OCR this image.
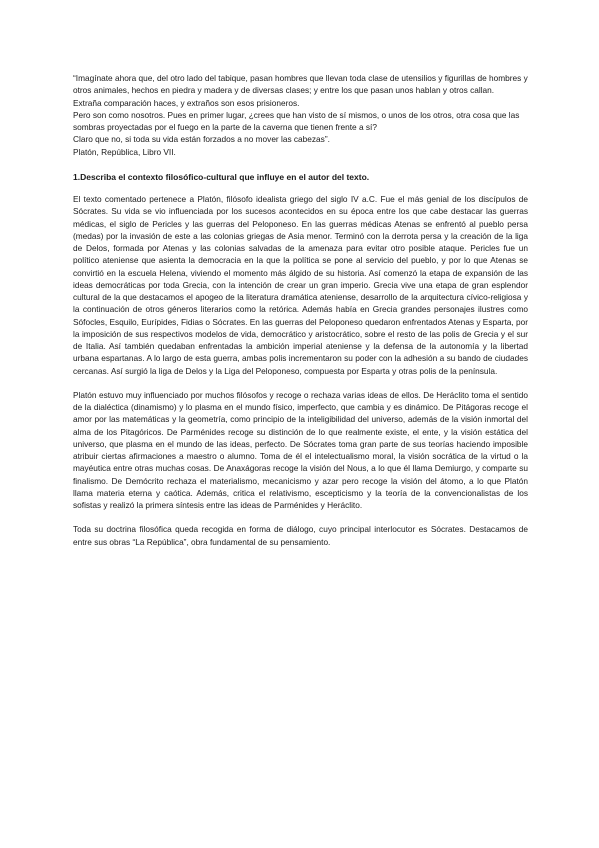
“Imagínate ahora que, del otro lado del tabique, pasan hombres que llevan toda clase de utensilios y figurillas de hombres y otros animales, hechos en piedra y madera y de diversas clases; y entre los que pasan unos hablan y otros callan.

Extraña comparación haces, y extraños son esos prisioneros.

Pero son como nosotros. Pues en primer lugar, ¿crees que han visto de sí mismos, o unos de los otros, otra cosa que las sombras proyectadas por el fuego en la parte de la caverna que tienen frente a sí?

Claro que no, si toda su vida están forzados a no mover las cabezas”.

Platón, República, Libro VII.

1.Describa el contexto filosófico-cultural que influye en el autor del texto.

El texto comentado pertenece a Platón, filósofo idealista griego del siglo IV a.C. Fue el más genial de los discípulos de Sócrates. Su vida se vio influenciada por los sucesos acontecidos en su época entre los que cabe destacar las guerras médicas, el siglo de Pericles y las guerras del Peloponeso. En las guerras médicas Atenas se enfrentó al pueblo persa (medas) por la invasión de este a las colonias griegas de Asia menor. Terminó con la derrota persa y la creación de la liga de Delos, formada por Atenas y las colonias salvadas de la amenaza para evitar otro posible ataque. Pericles fue un político ateniense que asienta la democracia en la que la política se pone al servicio del pueblo, y por lo que Atenas se convirtió en la escuela Helena, viviendo el momento más álgido de su historia. Así comenzó la etapa de expansión de las ideas democráticas por toda Grecia, con la intención de crear un gran imperio. Grecia vive una etapa de gran esplendor cultural de la que destacamos el apogeo de la literatura dramática ateniense, desarrollo de la arquitectura cívico-religiosa y la continuación de otros géneros literarios como la retórica. Además había en Grecia grandes personajes ilustres como Sófocles, Esquilo, Eurípides, Fidias o Sócrates. En las guerras del Peloponeso quedaron enfrentados Atenas y Esparta, por la imposición de sus respectivos modelos de vida, democrático y aristocrático, sobre el resto de las polis de Grecia y el sur de Italia. Así también quedaban enfrentadas la ambición imperial ateniense y la defensa de la autonomía y la libertad urbana espartanas. A lo largo de esta guerra, ambas polis incrementaron su poder con la adhesión a su bando de ciudades cercanas. Así surgió la liga de Delos y la Liga del Peloponeso, compuesta por Esparta y otras polis de la península.

Platón estuvo muy influenciado por muchos filósofos y recoge o rechaza varias ideas de ellos. De Heráclito toma el sentido de la dialéctica (dinamismo) y lo plasma en el mundo físico, imperfecto, que cambia y es dinámico. De Pitágoras recoge el amor por las matemáticas y la geometría, como principio de la inteligibilidad del universo, además de la visión inmortal del alma de los Pitagóricos. De Parménides recoge su distinción de lo que realmente existe, el ente, y la visión estática del universo, que plasma en el mundo de las ideas, perfecto. De Sócrates toma gran parte de sus teorías haciendo imposible atribuir ciertas afirmaciones a maestro o alumno. Toma de él el intelectualismo moral, la visión socrática de la virtud o la mayéutica entre otras muchas cosas. De Anaxágoras recoge la visión del Nous, a lo que él llama Demiurgo, y comparte su finalismo. De Demócrito rechaza el materialismo, mecanicismo y azar pero recoge la visión del átomo, a lo que Platón llama materia eterna y caótica. Además, critica el relativismo, escepticismo y la teoría de la convencionalistas de los sofistas y realizó la primera síntesis entre las ideas de Parménides y Heráclito.

Toda su doctrina filosófica queda recogida en forma de diálogo, cuyo principal interlocutor es Sócrates. Destacamos de entre sus obras “La República”, obra fundamental de su pensamiento.
